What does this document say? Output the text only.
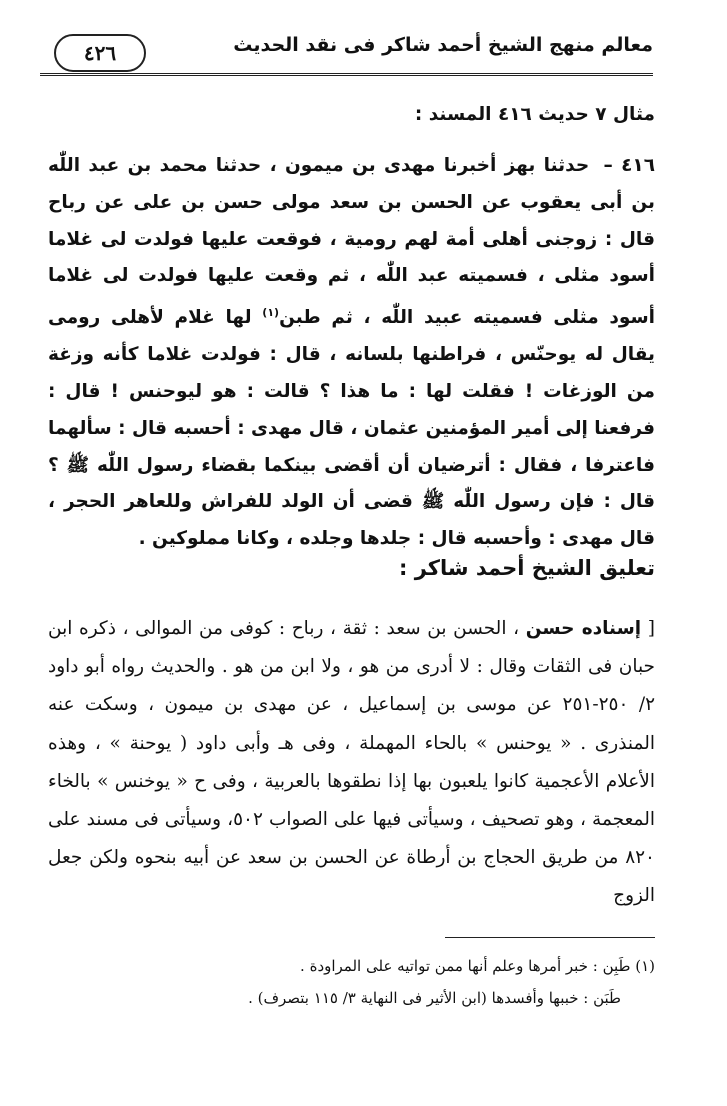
٤٢٦	معالم منهج الشيخ أحمد شاكر فى نقد الحديث

مثال ٧ حديث ٤١٦ المسند :

٤١٦ – حدثنا بهز أخبرنا مهدى بن ميمون ، حدثنا محمد بن عبد اللّٰه بن أبى يعقوب عن الحسن بن سعد مولى حسن بن على عن رباح قال : زوجنى أهلى أمة لهم رومية ، فوقعت عليها فولدت لى غلاما أسود مثلى ، فسميته عبد اللّٰه ، ثم وقعت عليها فولدت لى غلاما أسود مثلى فسميته عبيد اللّٰه ، ثم طبن$^{(١)}$ لها غلام لأهلى رومى يقال له يوحنّس ، فراطنها بلسانه ، قال : فولدت غلاما كأنه وزغة من الوزغات ! فقلت لها : ما هذا ؟ قالت : هو ليوحنس ! قال : فرفعنا إلى أمير المؤمنين عثمان ، قال مهدى : أحسبه قال : سألهما فاعترفا ، فقال : أترضيان أن أقضى بينكما بقضاء رسول اللّٰه ﷺ ؟ قال : فإن رسول اللّٰه ﷺ قضى أن الولد للفراش وللعاهر الحجر ، قال مهدى : وأحسبه قال : جلدها وجلده ، وكانا مملوكين .

تعليق الشيخ أحمد شاكر :

[ إسناده حسن ، الحسن بن سعد : ثقة ، رباح : كوفى من الموالى ، ذكره ابن حبان فى الثقات وقال : لا أدرى من هو ، ولا ابن من هو . والحديث رواه أبو داود ٢/ ٢٥٠-٢٥١ عن موسى بن إسماعيل ، عن مهدى بن ميمون ، وسكت عنه المنذرى . « يوحنس » بالحاء المهملة ، وفى هـ وأبى داود ( يوحنة » ، وهذه الأعلام الأعجمية كانوا يلعبون بها إذا نطقوها بالعربية ، وفى ح « يوخنس » بالخاء المعجمة ، وهو تصحيف ، وسيأتى فيها على الصواب ٥٠٢، وسيأتى فى مسند على ٨٢٠ من طريق الحجاج بن أرطاة عن الحسن بن سعد عن أبيه بنحوه ولكن جعل الزوج

(١) طَبِن : خبر أمرها وعلم أنها ممن تواتيه على المراودة .

طَبَن : خببها وأفسدها (ابن الأثير فى النهاية ٣/ ١١٥ بتصرف) .
